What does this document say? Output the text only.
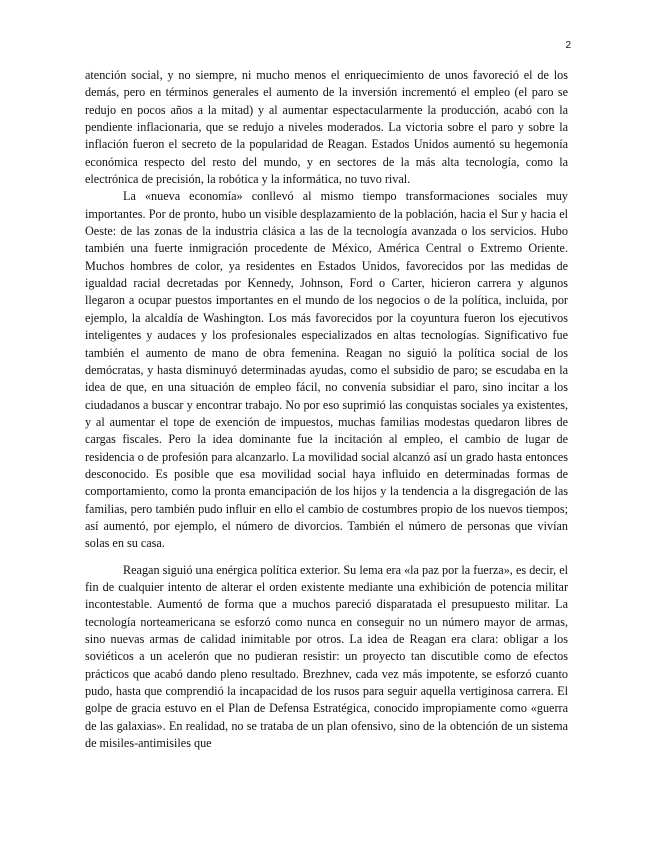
2

atención social, y no siempre, ni mucho menos el enriquecimiento de unos favoreció el de los demás, pero en términos generales el aumento de la inversión incrementó el empleo (el paro se redujo en pocos años a la mitad) y al aumentar espectacularmente la producción, acabó con la pendiente inflacionaria, que se redujo a niveles moderados. La victoria sobre el paro y sobre la inflación fueron el secreto de la popularidad de Reagan. Estados Unidos aumentó su hegemonía económica respecto del resto del mundo, y en sectores de la más alta tecnología, como la electrónica de precisión, la robótica y la informática, no tuvo rival.

La «nueva economía» conllevó al mismo tiempo transformaciones sociales muy importantes. Por de pronto, hubo un visible desplazamiento de la población, hacia el Sur y hacia el Oeste: de las zonas de la industria clásica a las de la tecnología avanzada o los servicios. Hubo también una fuerte inmigración procedente de México, América Central o Extremo Oriente. Muchos hombres de color, ya residentes en Estados Unidos, favorecidos por las medidas de igualdad racial decretadas por Kennedy, Johnson, Ford o Carter, hicieron carrera y algunos llegaron a ocupar puestos importantes en el mundo de los negocios o de la política, incluida, por ejemplo, la alcaldía de Washington. Los más favorecidos por la coyuntura fueron los ejecutivos inteligentes y audaces y los profesionales especializados en altas tecnologías. Significativo fue también el aumento de mano de obra femenina. Reagan no siguió la política social de los demócratas, y hasta disminuyó determinadas ayudas, como el subsidio de paro; se escudaba en la idea de que, en una situación de empleo fácil, no convenía subsidiar el paro, sino incitar a los ciudadanos a buscar y encontrar trabajo. No por eso suprimió las conquistas sociales ya existentes, y al aumentar el tope de exención de impuestos, muchas familias modestas quedaron libres de cargas fiscales. Pero la idea dominante fue la incitación al empleo, el cambio de lugar de residencia o de profesión para alcanzarlo. La movilidad social alcanzó así un grado hasta entonces desconocido. Es posible que esa movilidad social haya influido en determinadas formas de comportamiento, como la pronta emancipación de los hijos y la tendencia a la disgregación de las familias, pero también pudo influir en ello el cambio de costumbres propio de los nuevos tiempos; así aumentó, por ejemplo, el número de divorcios. También el número de personas que vivían solas en su casa.

Reagan siguió una enérgica política exterior. Su lema era «la paz por la fuerza», es decir, el fin de cualquier intento de alterar el orden existente mediante una exhibición de potencia militar incontestable. Aumentó de forma que a muchos pareció disparatada el presupuesto militar. La tecnología norteamericana se esforzó como nunca en conseguir no un número mayor de armas, sino nuevas armas de calidad inimitable por otros. La idea de Reagan era clara: obligar a los soviéticos a un acelerón que no pudieran resistir: un proyecto tan discutible como de efectos prácticos que acabó dando pleno resultado. Brezhnev, cada vez más impotente, se esforzó cuanto pudo, hasta que comprendió la incapacidad de los rusos para seguir aquella vertiginosa carrera. El golpe de gracia estuvo en el Plan de Defensa Estratégica, conocido impropiamente como «guerra de las galaxias». En realidad, no se trataba de un plan ofensivo, sino de la obtención de un sistema de misiles-antimisiles que
